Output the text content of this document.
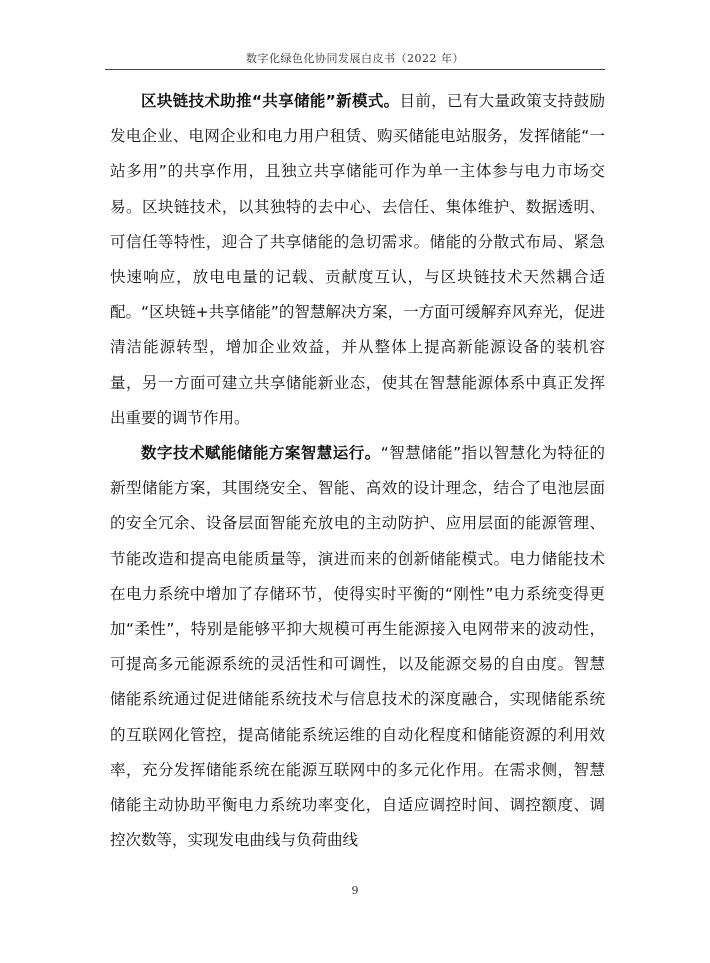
数字化绿色化协同发展白皮书（2022 年）

区块链技术助推“共享储能”新模式。目前，已有大量政策支持鼓励发电企业、电网企业和电力用户租赁、购买储能电站服务，发挥储能“一站多用”的共享作用，且独立共享储能可作为单一主体参与电力市场交易。区块链技术，以其独特的去中心、去信任、集体维护、数据透明、可信任等特性，迎合了共享储能的急切需求。储能的分散式布局、紧急快速响应，放电电量的记载、贡献度互认，与区块链技术天然耦合适配。“区块链+共享储能”的智慧解决方案，一方面可缓解弃风弃光，促进清洁能源转型，增加企业效益，并从整体上提高新能源设备的装机容量，另一方面可建立共享储能新业态，使其在智慧能源体系中真正发挥出重要的调节作用。

数字技术赋能储能方案智慧运行。“智慧储能”指以智慧化为特征的新型储能方案，其围绕安全、智能、高效的设计理念，结合了电池层面的安全冗余、设备层面智能充放电的主动防护、应用层面的能源管理、节能改造和提高电能质量等，演进而来的创新储能模式。电力储能技术在电力系统中增加了存储环节，使得实时平衡的“刚性”电力系统变得更加“柔性”，特别是能够平抑大规模可再生能源接入电网带来的波动性，可提高多元能源系统的灵活性和可调性，以及能源交易的自由度。智慧储能系统通过促进储能系统技术与信息技术的深度融合，实现储能系统的互联网化管控，提高储能系统运维的自动化程度和储能资源的利用效率，充分发挥储能系统在能源互联网中的多元化作用。在需求侧，智慧储能主动协助平衡电力系统功率变化，自适应调控时间、调控额度、调控次数等，实现发电曲线与负荷曲线

9
